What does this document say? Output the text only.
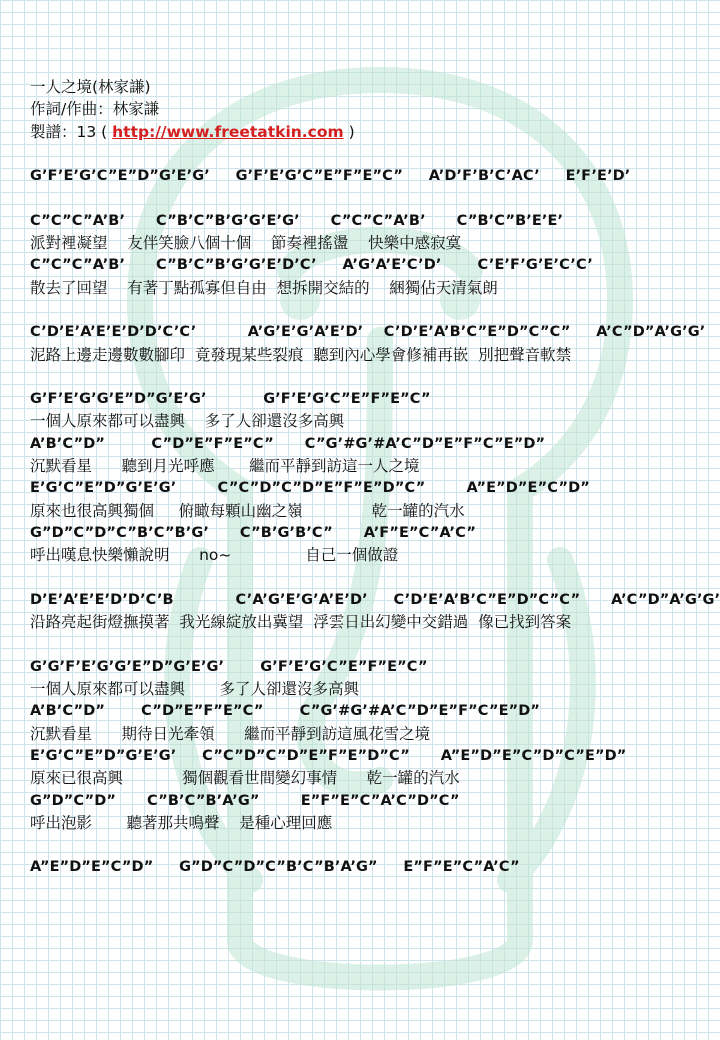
一人之境(林家謙)
作詞/作曲：林家謙
製譜：13 ( http://www.freetatkin.com )
G’F’E’G’C”E”D”G’E’G’     G’F’E’G’C”E”F”E”C”     A’D’F’B’C’AC’     E’F’E’D’
C”C”C”A’B’      C”B’C”B’G’G’E’G’      C”C”C”A’B’      C”B’C”B’E’E’
派對裡凝望    友伴笑臉八個十個    節奏裡搖盪    快樂中感寂寞
C”C”C”A’B’      C”B’C”B’G’G’E’D’C’     A’G’A’E’C’D’       C’E’F’G’E’C’C’
散去了回望    有著丁點孤寡但自由  想拆開交結的    綑獨佔天清氣朗
C’D’E’A’E’E’D’D’C’C’          A’G’E’G’A’E’D’    C’D’E’A’B’C”E”D”C”C”     A’C”D”A’G’G’
泥路上邊走邊數數腳印  竟發現某些裂痕  聽到內心學會修補再嵌  別把聲音軟禁
G’F’E’G’G’E”D”G’E’G’           G’F’E’G’C”E”F”E”C”
一個人原來都可以盡興    多了人卻還沒多高興
A’B’C”D”         C”D”E”F”E”C”      C”G’#G’#A’C”D”E”F”C”E”D”
沉默看星      聽到月光呼應       繼而平靜到訪這一人之境
E’G’C”E”D”G’E’G’        C”C”D”C”D”E”F”E”D”C”        A”E”D”E”C”D”
原來也很高興獨個     俯瞰每顆山幽之嶺              乾一罐的汽水
G”D”C”D”C”B’C”B’G’      C”B’G’B’C”      A’F”E”C”A’C”
呼出嘆息快樂懶說明      no~               自己一個做證
D’E’A’E’E’D’D’C’B            C’A’G’E’G’A’E’D’     C’D’E’A’B’C”E”D”C”C”      A’C”D”A’G’G’
沿路亮起街燈撫摸著  我光線綻放出冀望  浮雲日出幻變中交錯過  像已找到答案
G’G’F’E’G’G’E”D”G’E’G’       G’F’E’G’C”E”F”E”C”
一個人原來都可以盡興       多了人卻還沒多高興
A’B’C”D”       C”D”E”F”E”C”       C”G’#G’#A’C”D”E”F”C”E”D”
沉默看星      期待日光牽領      繼而平靜到訪這風花雪之境
E’G’C”E”D”G’E’G’     C”C”D”C”D”E”F”E”D”C”      A”E”D”E”C”D”C”E”D”
原來已很高興            獨個觀看世間變幻事情      乾一罐的汽水
G”D”C”D”      C”B’C”B’A’G”        E”F”E”C”A’C”D”C”
呼出泡影       聽著那共鳴聲    是種心理回應
A”E”D”E”C”D”     G”D”C”D”C”B’C”B’A’G”     E”F”E”C”A’C”
